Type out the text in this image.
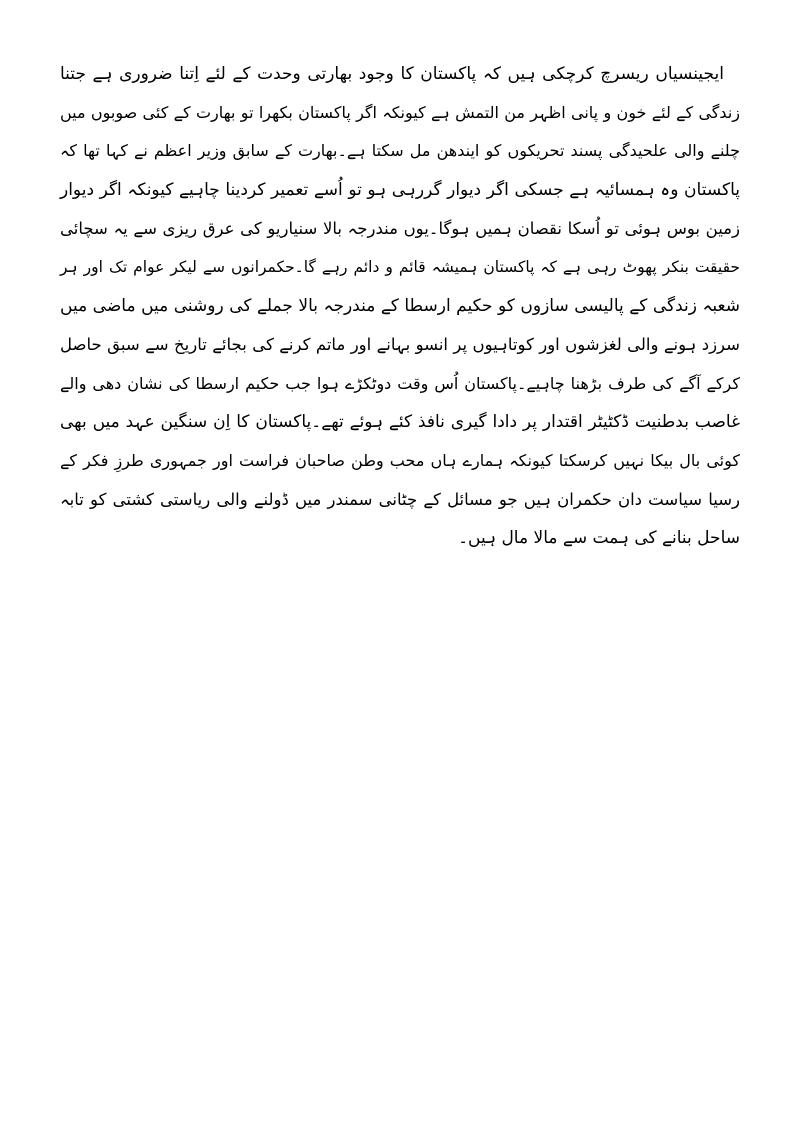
ایجینسیاں ریسرچ کرچکی ہیں کہ پاکستان کا وجود بھارتی وحدت کے لئے اِتنا ضروری ہے جتنا
زندگی کے لئے خون و پانی اظہر من التمش ہے کیونکہ اگر پاکستان بکھرا تو بھارت کے کئی صوبوں میں
چلنے والی علحیدگی پسند تحریکوں کو ایندھن مل سکتا ہے۔بھارت کے سابق وزیر اعظم نے کہا تھا کہ
پاکستان وہ ہمسائیہ ہے جسکی اگر دیوار گررہی ہو تو اُسے تعمیر کردینا چاہیے کیونکہ اگر دیوار
زمین بوس ہوئی تو اُسکا نقصان ہمیں ہوگا۔یوں مندرجہ بالا سنیاریو کی عرق ریزی سے یہ سچائی
حقیقت بنکر پھوٹ رہی ہے کہ پاکستان ہمیشہ قائم و دائم رہے گا۔حکمرانوں سے لیکر عوام تک اور ہر
شعبہ زندگی کے پالیسی سازوں کو حکیم ارسطا کے مندرجہ بالا جملے کی روشنی میں ماضی میں
سرزد ہونے والی لغزشوں اور کوتاہیوں پر انسو بہانے اور ماتم کرنے کی بجائے تاریخ سے سبق حاصل
کرکے آگے کی طرف بڑھنا چاہیے۔پاکستان اُس وقت دوٹکڑے ہوا جب حکیم ارسطا کی نشان دھی والے
غاصب بدطنیت ڈکٹیٹر اقتدار پر دادا گیری نافذ کئے ہوئے تھے۔پاکستان کا اِن سنگین عہد میں بھی
کوئی بال بیکا نہیں کرسکتا کیونکہ ہمارے ہاں محب وطن صاحبان فراست اور جمہوری طرزِ فکر کے
رسیا سیاست دان حکمران ہیں جو مسائل کے چٹانی سمندر میں ڈولنے والی ریاستی کشتی کو تابہ
ساحل بنانے کی ہمت سے مالا مال ہیں۔
